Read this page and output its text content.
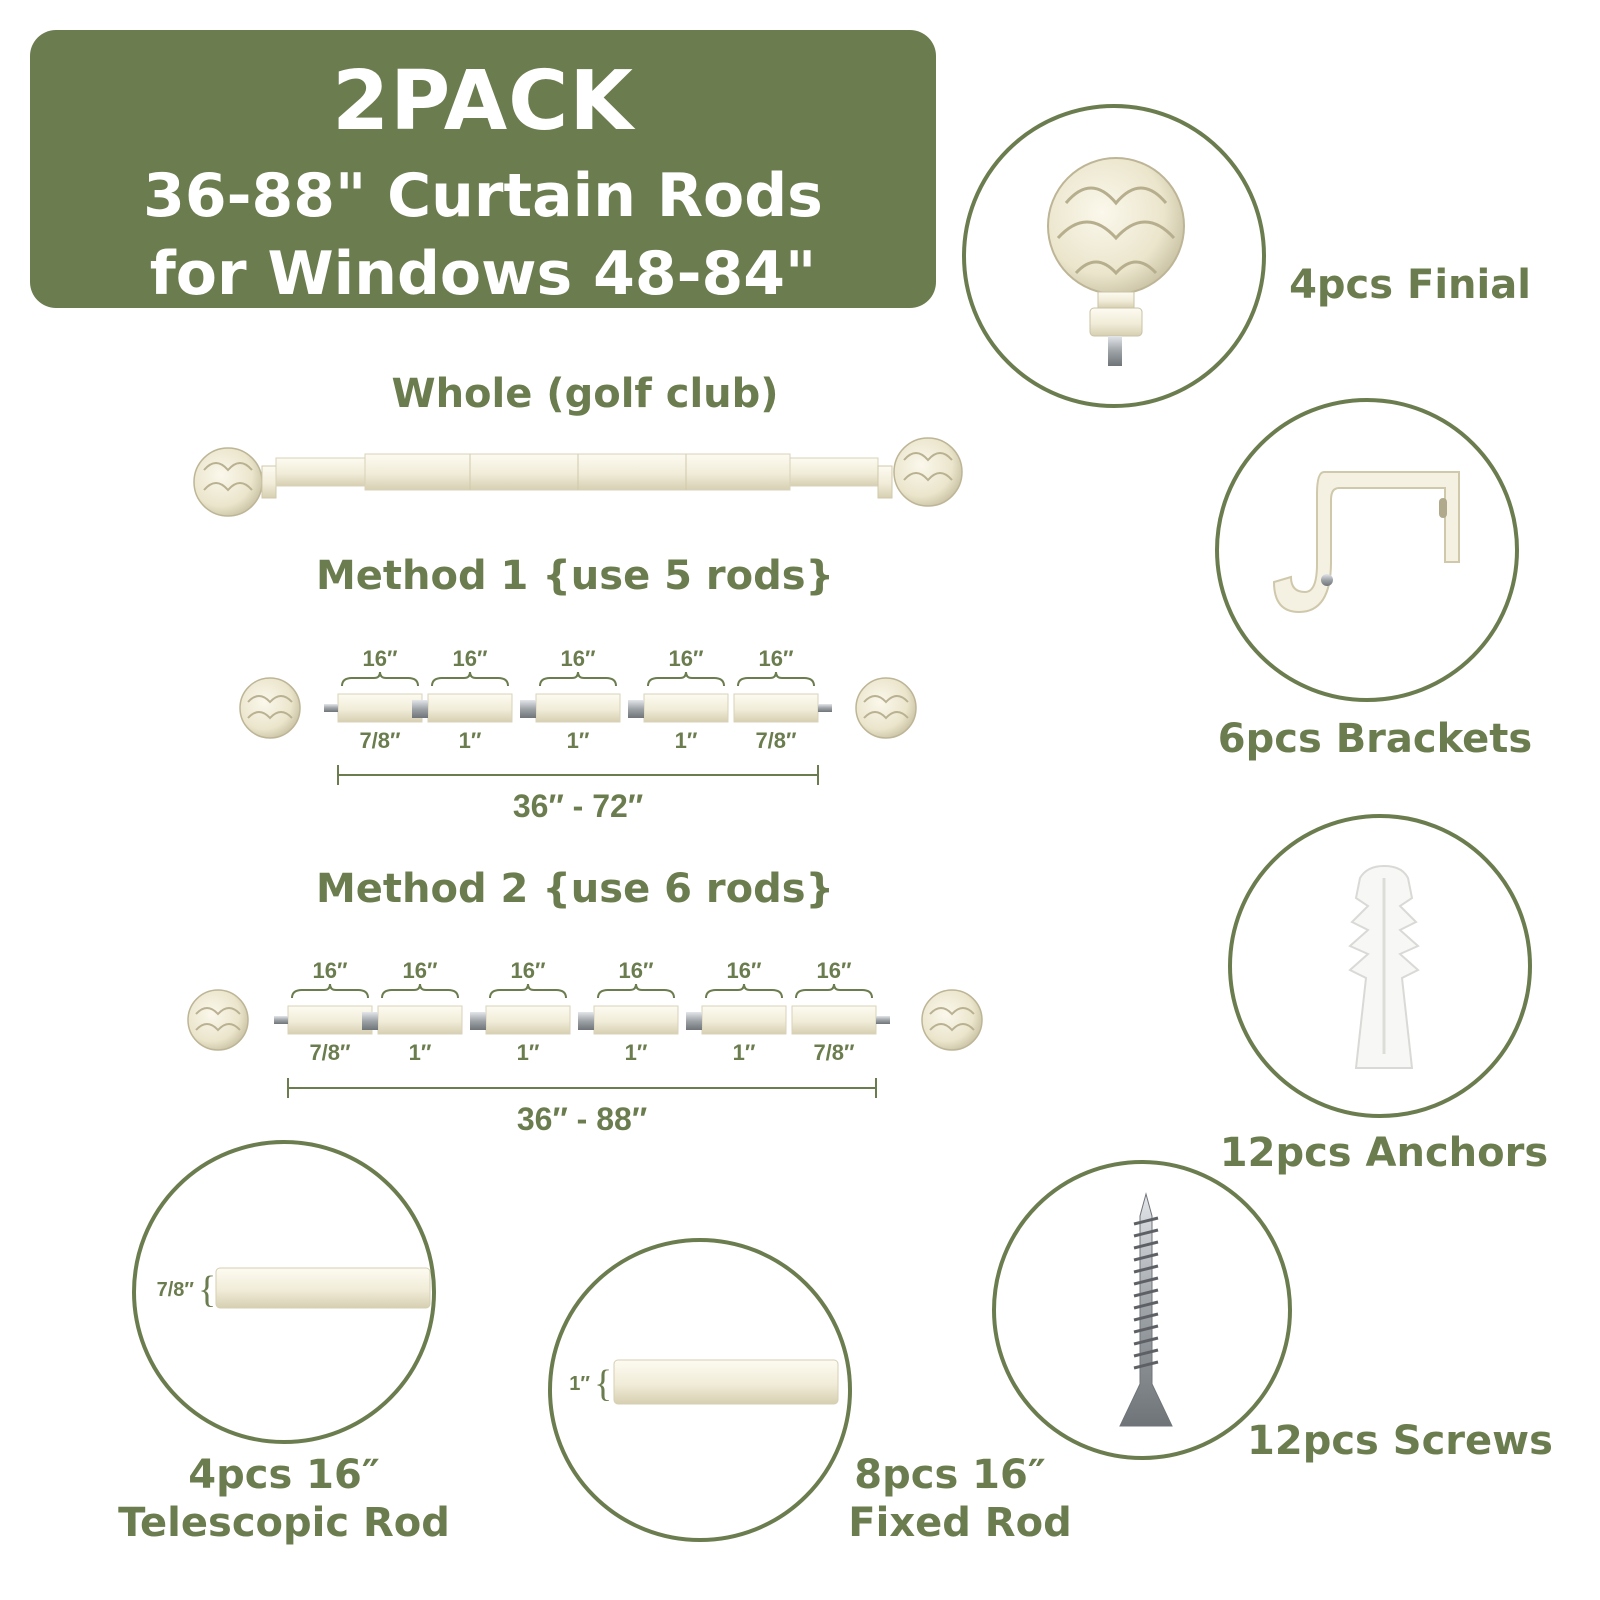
2PACK
36-88" Curtain Rods
for Windows 48-84"
Whole (golf club)
Method 1 {use 5 rods}
Method 2 {use 6 rods}
4pcs Finial
6pcs Brackets
12pcs Anchors
12pcs Screws
7/8″ {
4pcs 16″
Telescopic Rod
1″ {
8pcs 16″
Fixed Rod
16″
7/8″
16″
1″
16″
1″
16″
1″
16″
7/8″
36″ - 72″
16″
7/8″
16″
1″
16″
1″
16″
1″
16″
1″
16″
7/8″
36″ - 88″
